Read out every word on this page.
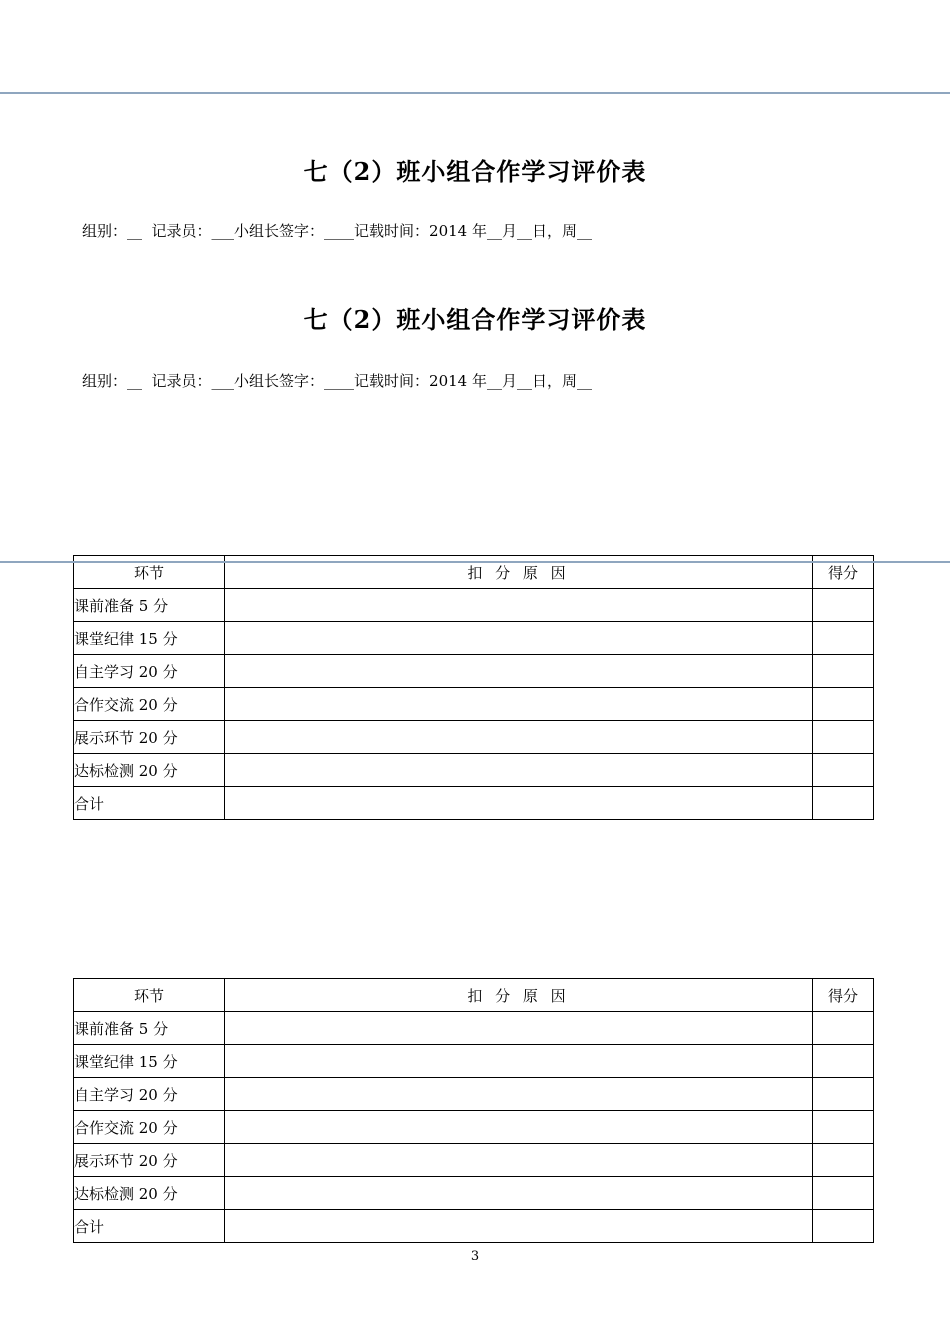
七（2）班小组合作学习评价表
组别：__  记录员：___小组长签字：____记载时间：2014 年__月__日，周__
七（2）班小组合作学习评价表
组别：__  记录员：___小组长签字：____记载时间：2014 年__月__日，周__
环节	扣 分 原 因	得分
课前准备 5 分		
课堂纪律 15 分		
自主学习 20 分		
合作交流 20 分		
展示环节 20 分		
达标检测 20 分		
合计		
环节	扣 分 原 因	得分
课前准备 5 分		
课堂纪律 15 分		
自主学习 20 分		
合作交流 20 分		
展示环节 20 分		
达标检测 20 分		
合计		
3
